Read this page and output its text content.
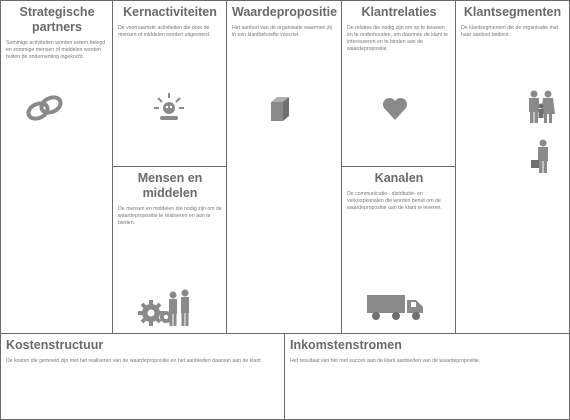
Strategische partners
Sommige activiteiten worden extern belegd en sommige mensen of middelen worden buiten de onderneming ingekocht.
Kernactiviteiten
De voornaamste activiteiten die door de mensen of middelen worden uitgevoerd.
Mensen en middelen
De mensen en middelen die nodig zijn om de waardepropositie te realiseren en aan te bieden.
Waardepropositie
Het aanbod van de organisatie waarmee zij in een klantbehoefte voorziet.
Klantrelaties
De relaties die nodig zijn om op te bouwen en te onderhouden, om daarmee de klant te interesseren en te binden aan de waardepropositie.
Kanalen
De communicatie-, distributie- en verkoopkanalen die worden benut om de waardepropositie aan de klant te leveren.
Klantsegmenten
De klantsegmenten die de organisatie met haar aanbod bedient.
Kostenstructuur
De kosten die gemoeid zijn met het realiseren van de waardepropositie en het aanbieden daarvan aan de klant.
Inkomstenstromen
Het resultaat van het met succes aan de klant aanbieden van de waardepropositie.
